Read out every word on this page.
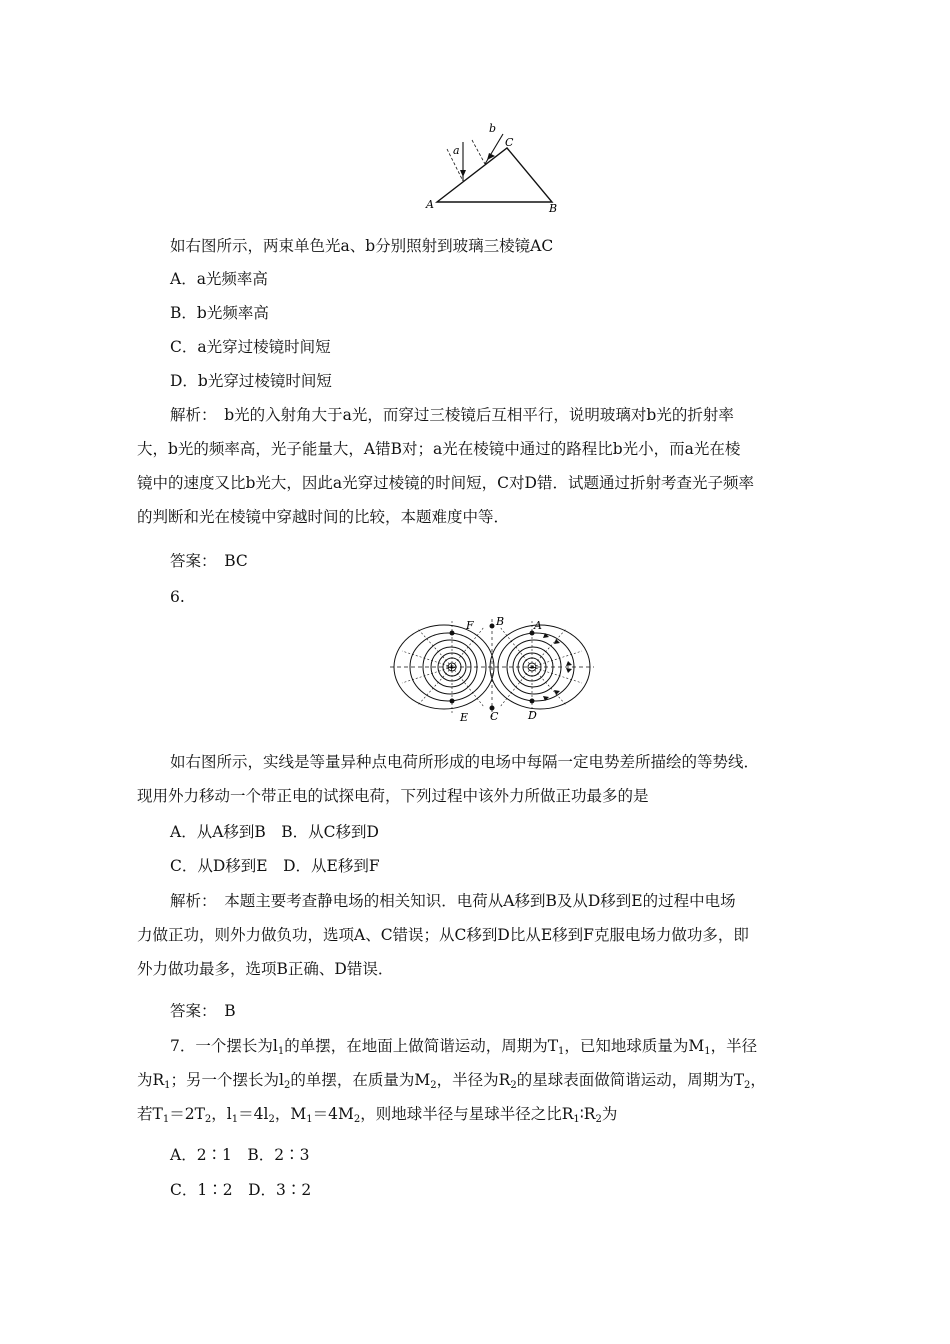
a
b
C
A	B
如右图所示，两束单色光a、b分别照射到玻璃三棱镜AC
A．a光频率高
B．b光频率高
C．a光穿过棱镜时间短
D．b光穿过棱镜时间短
解析：　b光的入射角大于a光，而穿过三棱镜后互相平行，说明玻璃对b光的折射率
大，b光的频率高，光子能量大，A错B对；a光在棱镜中通过的路程比b光小，而a光在棱
镜中的速度又比b光大，因此a光穿过棱镜的时间短，C对D错．试题通过折射考查光子频率
的判断和光在棱镜中穿越时间的比较，本题难度中等．
答案：　BC
6.
+	−
F B	A
E C	D
如右图所示，实线是等量异种点电荷所形成的电场中每隔一定电势差所描绘的等势线．
现用外力移动一个带正电的试探电荷，下列过程中该外力所做正功最多的是
A．从A移到B　B．从C移到D
C．从D移到E　D．从E移到F
解析：　本题主要考查静电场的相关知识．电荷从A移到B及从D移到E的过程中电场
力做正功，则外力做负功，选项A、C错误；从C移到D比从E移到F克服电场力做功多，即
外力做功最多，选项B正确、D错误．
答案：　B
7．一个摆长为$l_1$的单摆，在地面上做简谐运动，周期为$T_1$，已知地球质量为$M_1$，半径
为$R_1$；另一个摆长为$l_2$的单摆，在质量为$M_2$，半径为$R_2$的星球表面做简谐运动，周期为$T_2$，
若$T_1=2T_2$，$l_1=4l_2$，$M_1=4M_2$，则地球半径与星球半径之比$R_1∶R_2$为
A．2∶1　B．2∶3
C．1∶2　D．3∶2
